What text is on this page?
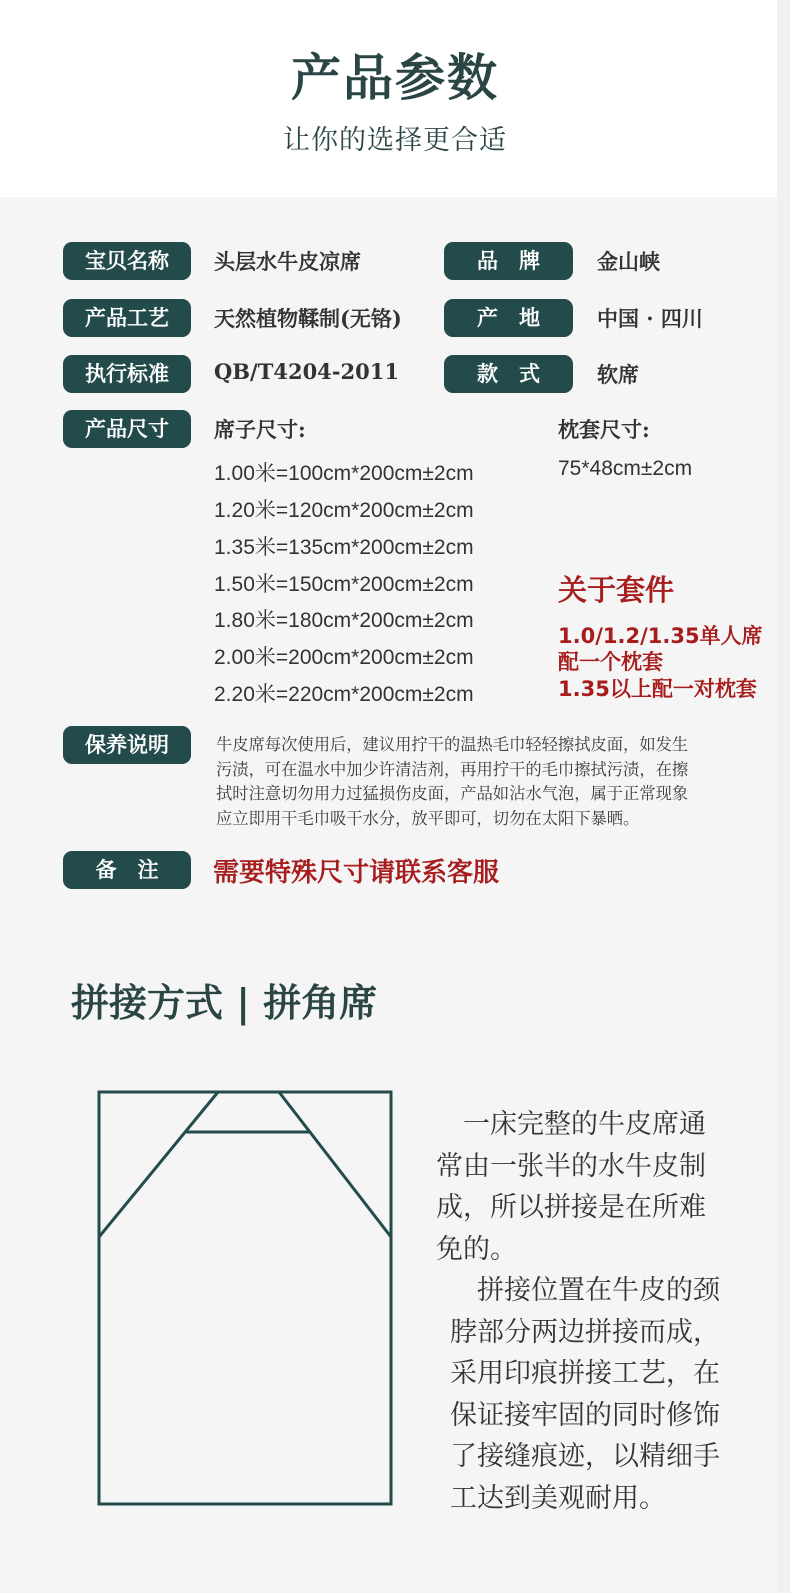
产品参数
让你的选择更合适
宝贝名称	头层水牛皮凉席	品　牌	金山峡
产品工艺	天然植物鞣制(无铬)	产　地	中国 · 四川
执行标准	QB/T4204-2011	款　式	软席
产品尺寸	席子尺寸:
1.00米=100cm*200cm±2cm
1.20米=120cm*200cm±2cm
1.35米=135cm*200cm±2cm
1.50米=150cm*200cm±2cm
1.80米=180cm*200cm±2cm
2.00米=200cm*200cm±2cm
2.20米=220cm*200cm±2cm
枕套尺寸:
75*48cm±2cm
关于套件
1.0/1.2/1.35单人席
配一个枕套
1.35以上配一对枕套
保养说明	牛皮席每次使用后，建议用拧干的温热毛巾轻轻擦拭皮面，如发生
污渍，可在温水中加少许清洁剂，再用拧干的毛巾擦拭污渍，在擦
拭时注意切勿用力过猛损伤皮面，产品如沾水气泡，属于正常现象
应立即用干毛巾吸干水分，放平即可，切勿在太阳下暴晒。
备　注	需要特殊尺寸请联系客服
拼接方式 | 拼角席
　一床完整的牛皮席通
常由一张半的水牛皮制
成，所以拼接是在所难
免的。
　拼接位置在牛皮的颈
脖部分两边拼接而成，
采用印痕拼接工艺，在
保证接牢固的同时修饰
了接缝痕迹，以精细手
工达到美观耐用。
